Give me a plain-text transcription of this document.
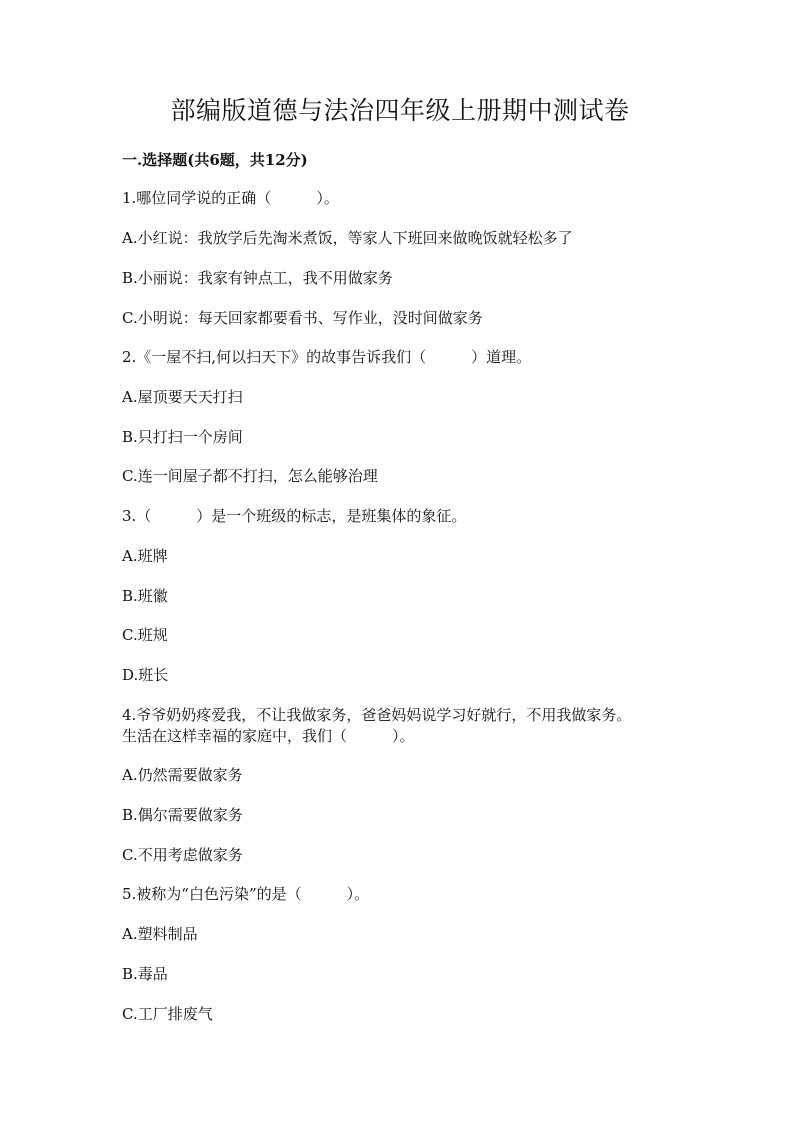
部编版道德与法治四年级上册期中测试卷
一.选择题(共6题，共12分)
1.哪位同学说的正确（　　　）。
A.小红说：我放学后先淘米煮饭，等家人下班回来做晚饭就轻松多了
B.小丽说：我家有钟点工，我不用做家务
C.小明说：每天回家都要看书、写作业，没时间做家务
2.《一屋不扫,何以扫天下》的故事告诉我们（　　　）道理。
A.屋顶要天天打扫
B.只打扫一个房间
C.连一间屋子都不打扫，怎么能够治理
3.（　　　）是一个班级的标志，是班集体的象征。
A.班牌
B.班徽
C.班规
D.班长
4.爷爷奶奶疼爱我，不让我做家务，爸爸妈妈说学习好就行，不用我做家务。
生活在这样幸福的家庭中，我们（　　　）。
A.仍然需要做家务
B.偶尔需要做家务
C.不用考虑做家务
5.被称为“白色污染”的是（　　　）。
A.塑料制品
B.毒品
C.工厂排废气
